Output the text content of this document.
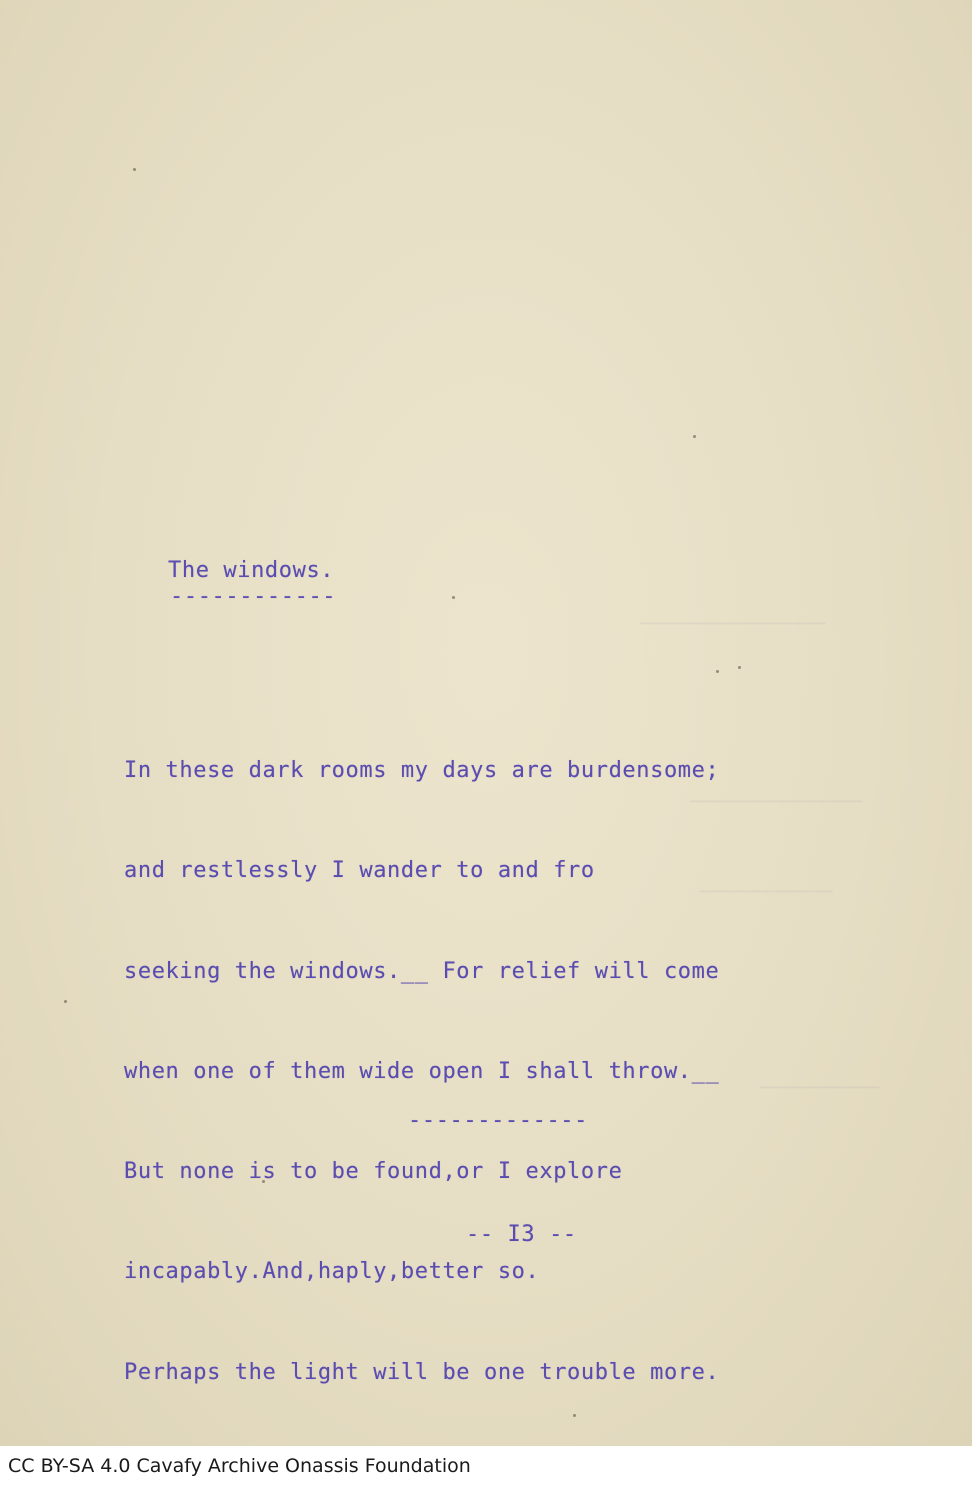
──────────────
─────────────
──────────
─────────
The windows.
------------

In these dark rooms my days are burdensome;

and restlessly I wander to and fro

seeking the windows.__ For relief will come

when one of them wide open I shall throw.__

But none is to be found,or I explore

incapably.And,haply,better so.

Perhaps the light will be one trouble more.

-------------
-- I3 --
CC BY-SA 4.0 Cavafy Archive Onassis Foundation
